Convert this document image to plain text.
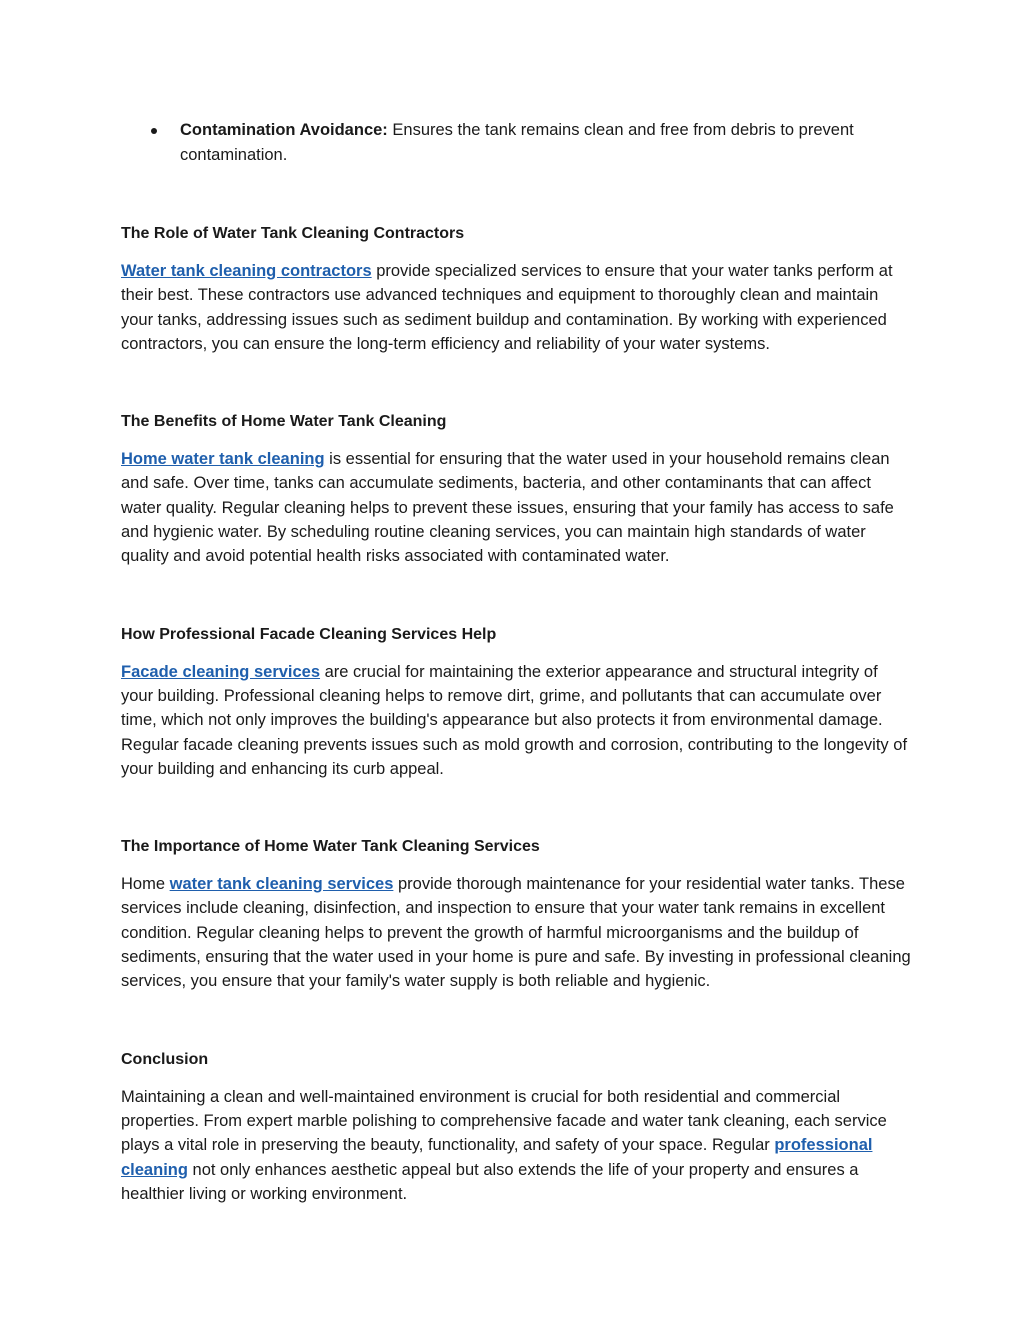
Contamination Avoidance: Ensures the tank remains clean and free from debris to prevent contamination.
The Role of Water Tank Cleaning Contractors

Water tank cleaning contractors provide specialized services to ensure that your water tanks perform at their best. These contractors use advanced techniques and equipment to thoroughly clean and maintain your tanks, addressing issues such as sediment buildup and contamination. By working with experienced contractors, you can ensure the long-term efficiency and reliability of your water systems.

The Benefits of Home Water Tank Cleaning

Home water tank cleaning is essential for ensuring that the water used in your household remains clean and safe. Over time, tanks can accumulate sediments, bacteria, and other contaminants that can affect water quality. Regular cleaning helps to prevent these issues, ensuring that your family has access to safe and hygienic water. By scheduling routine cleaning services, you can maintain high standards of water quality and avoid potential health risks associated with contaminated water.

How Professional Facade Cleaning Services Help

Facade cleaning services are crucial for maintaining the exterior appearance and structural integrity of your building. Professional cleaning helps to remove dirt, grime, and pollutants that can accumulate over time, which not only improves the building's appearance but also protects it from environmental damage. Regular facade cleaning prevents issues such as mold growth and corrosion, contributing to the longevity of your building and enhancing its curb appeal.

The Importance of Home Water Tank Cleaning Services

Home water tank cleaning services provide thorough maintenance for your residential water tanks. These services include cleaning, disinfection, and inspection to ensure that your water tank remains in excellent condition. Regular cleaning helps to prevent the growth of harmful microorganisms and the buildup of sediments, ensuring that the water used in your home is pure and safe. By investing in professional cleaning services, you ensure that your family's water supply is both reliable and hygienic.

Conclusion

Maintaining a clean and well-maintained environment is crucial for both residential and commercial properties. From expert marble polishing to comprehensive facade and water tank cleaning, each service plays a vital role in preserving the beauty, functionality, and safety of your space. Regular professional cleaning not only enhances aesthetic appeal but also extends the life of your property and ensures a healthier living or working environment.
